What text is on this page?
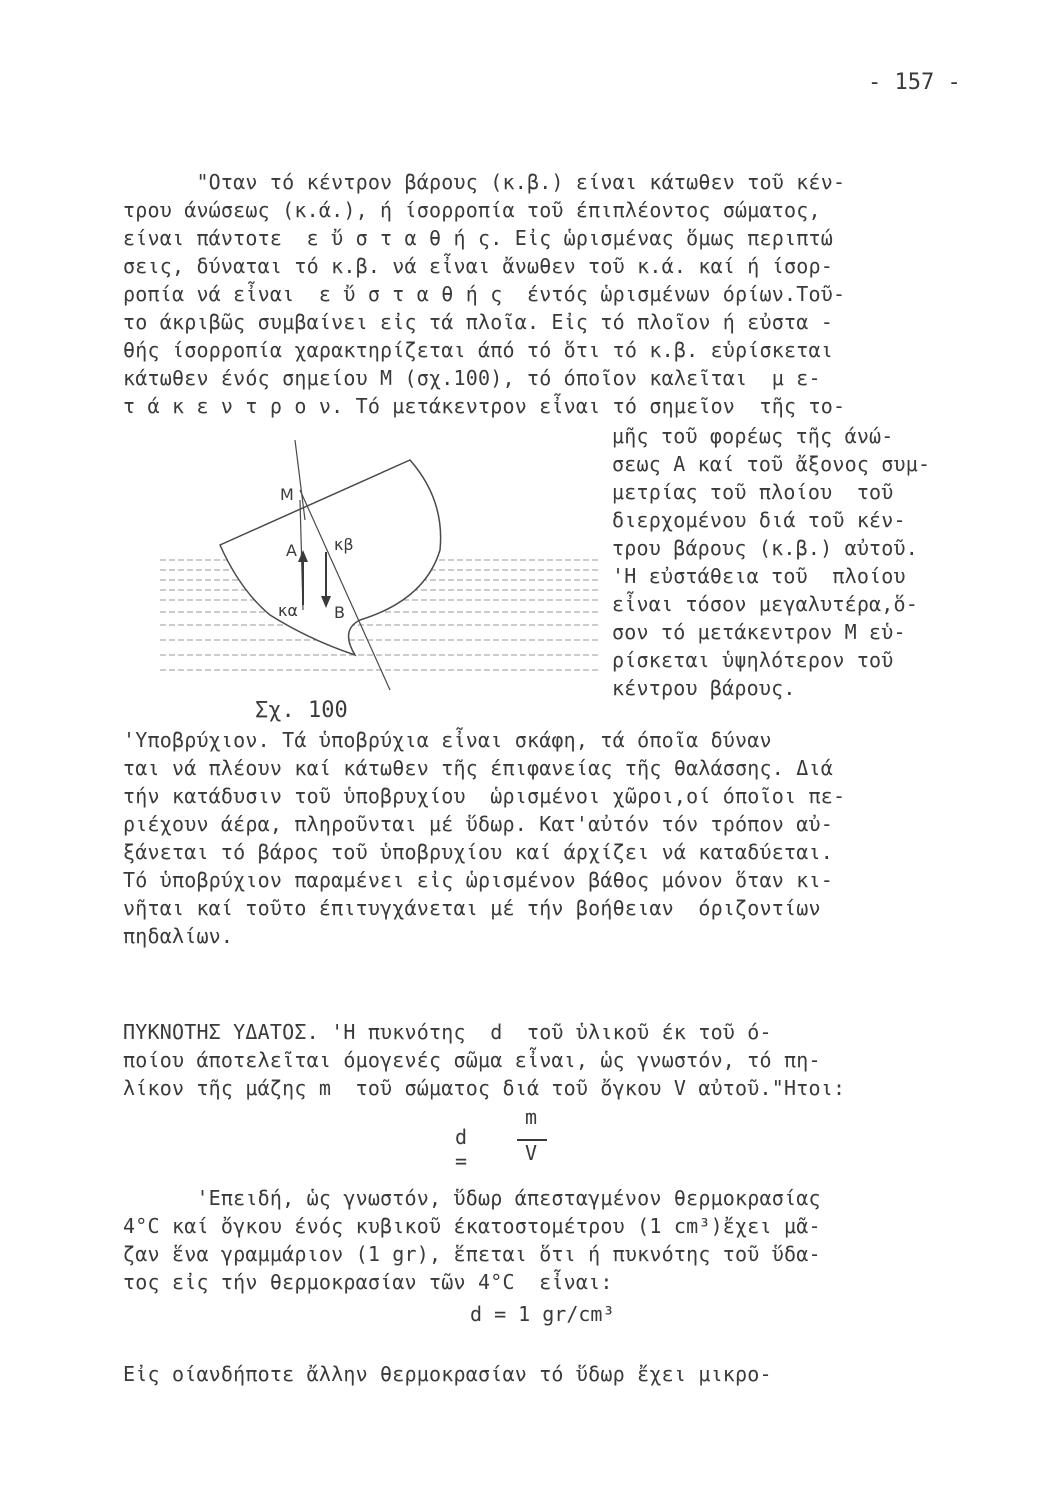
- 157 -
"Οταν τό κέντρον βάρους (κ.β.) είναι κάτωθεν τοῦ κέν-
τρου άνώσεως (κ.ά.), ή ίσορροπία τοῦ έπιπλέοντος σώματος,
είναι πάντοτε  ε ὔ σ τ α θ ή ς. Εἰς ὡρισμένας ὅμως περιπτώ
σεις, δύναται τό κ.β. νά εἶναι ἄνωθεν τοῦ κ.ά. καί ή ίσορ-
ροπία νά εἶναι  ε ὔ σ τ α θ ή ς  έντός ὡρισμένων όρίων.Τοῦ-
το άκριβῶς συμβαίνει εἰς τά πλοῖα. Εἰς τό πλοῖον ή εὐστα -
θής ίσορροπία χαρακτηρίζεται άπό τό ὅτι τό κ.β. εὑρίσκεται
κάτωθεν ένός σημείου Μ (σχ.100), τό όποῖον καλεῖται  μ ε-
τ ά κ ε ν τ ρ ο ν. Τό μετάκεντρον εἶναι τό σημεῖον  τῆς το-
μῆς τοῦ φορέως τῆς άνώ-
σεως Α καί τοῦ ἄξονος συμ-
μετρίας τοῦ πλοίου  τοῦ
διερχομένου διά τοῦ κέν-
τρου βάρους (κ.β.) αὐτοῦ.
'Η εὐστάθεια τοῦ  πλοίου
εἶναι τόσον μεγαλυτέρα,ὅ-
σον τό μετάκεντρον Μ εὑ-
ρίσκεται ὑψηλότερον τοῦ
κέντρου βάρους.
Μ
Α κβ
κα Β
Σχ. 100
'Υποβρύχιον. Τά ὑποβρύχια εἶναι σκάφη, τά όποῖα δύναν
ται νά πλέουν καί κάτωθεν τῆς έπιφανείας τῆς θαλάσσης. Διά
τήν κατάδυσιν τοῦ ὑποβρυχίου  ὡρισμένοι χῶροι,οί όποῖοι πε-
ριέχουν άέρα, πληροῦνται μέ ὕδωρ. Κατ'αὐτόν τόν τρόπον αὐ-
ξάνεται τό βάρος τοῦ ὑποβρυχίου καί άρχίζει νά καταδύεται.
Τό ὑποβρύχιον παραμένει εἰς ὡρισμένον βάθος μόνον ὅταν κι-
νῆται καί τοῦτο έπιτυγχάνεται μέ τήν βοήθειαν  όριζοντίων
πηδαλίων.
ΠΥΚΝΟΤΗΣ ΥΔΑΤΟΣ. 'Η πυκνότης  d  τοῦ ὑλικοῦ έκ τοῦ ό-
ποίου άποτελεῖται όμογενές σῶμα εἶναι, ὡς γνωστόν, τό πη-
λίκον τῆς μάζης m  τοῦ σώματος διά τοῦ ὄγκου V αὐτοῦ."Ητοι:
d =
m
V
'Επειδή, ὡς γνωστόν, ὕδωρ άπεσταγμένον θερμοκρασίας
4°C καί ὄγκου ένός κυβικοῦ έκατοστομέτρου (1 cm³)ἔχει μᾶ-
ζαν ἕνα γραμμάριον (1 gr), ἕπεται ὅτι ή πυκνότης τοῦ ὕδα-
τος εἰς τήν θερμοκρασίαν τῶν 4°C  εἶναι:
d = 1 gr/cm³
Εἰς οίανδήποτε ἄλλην θερμοκρασίαν τό ὕδωρ ἔχει μικρο-
